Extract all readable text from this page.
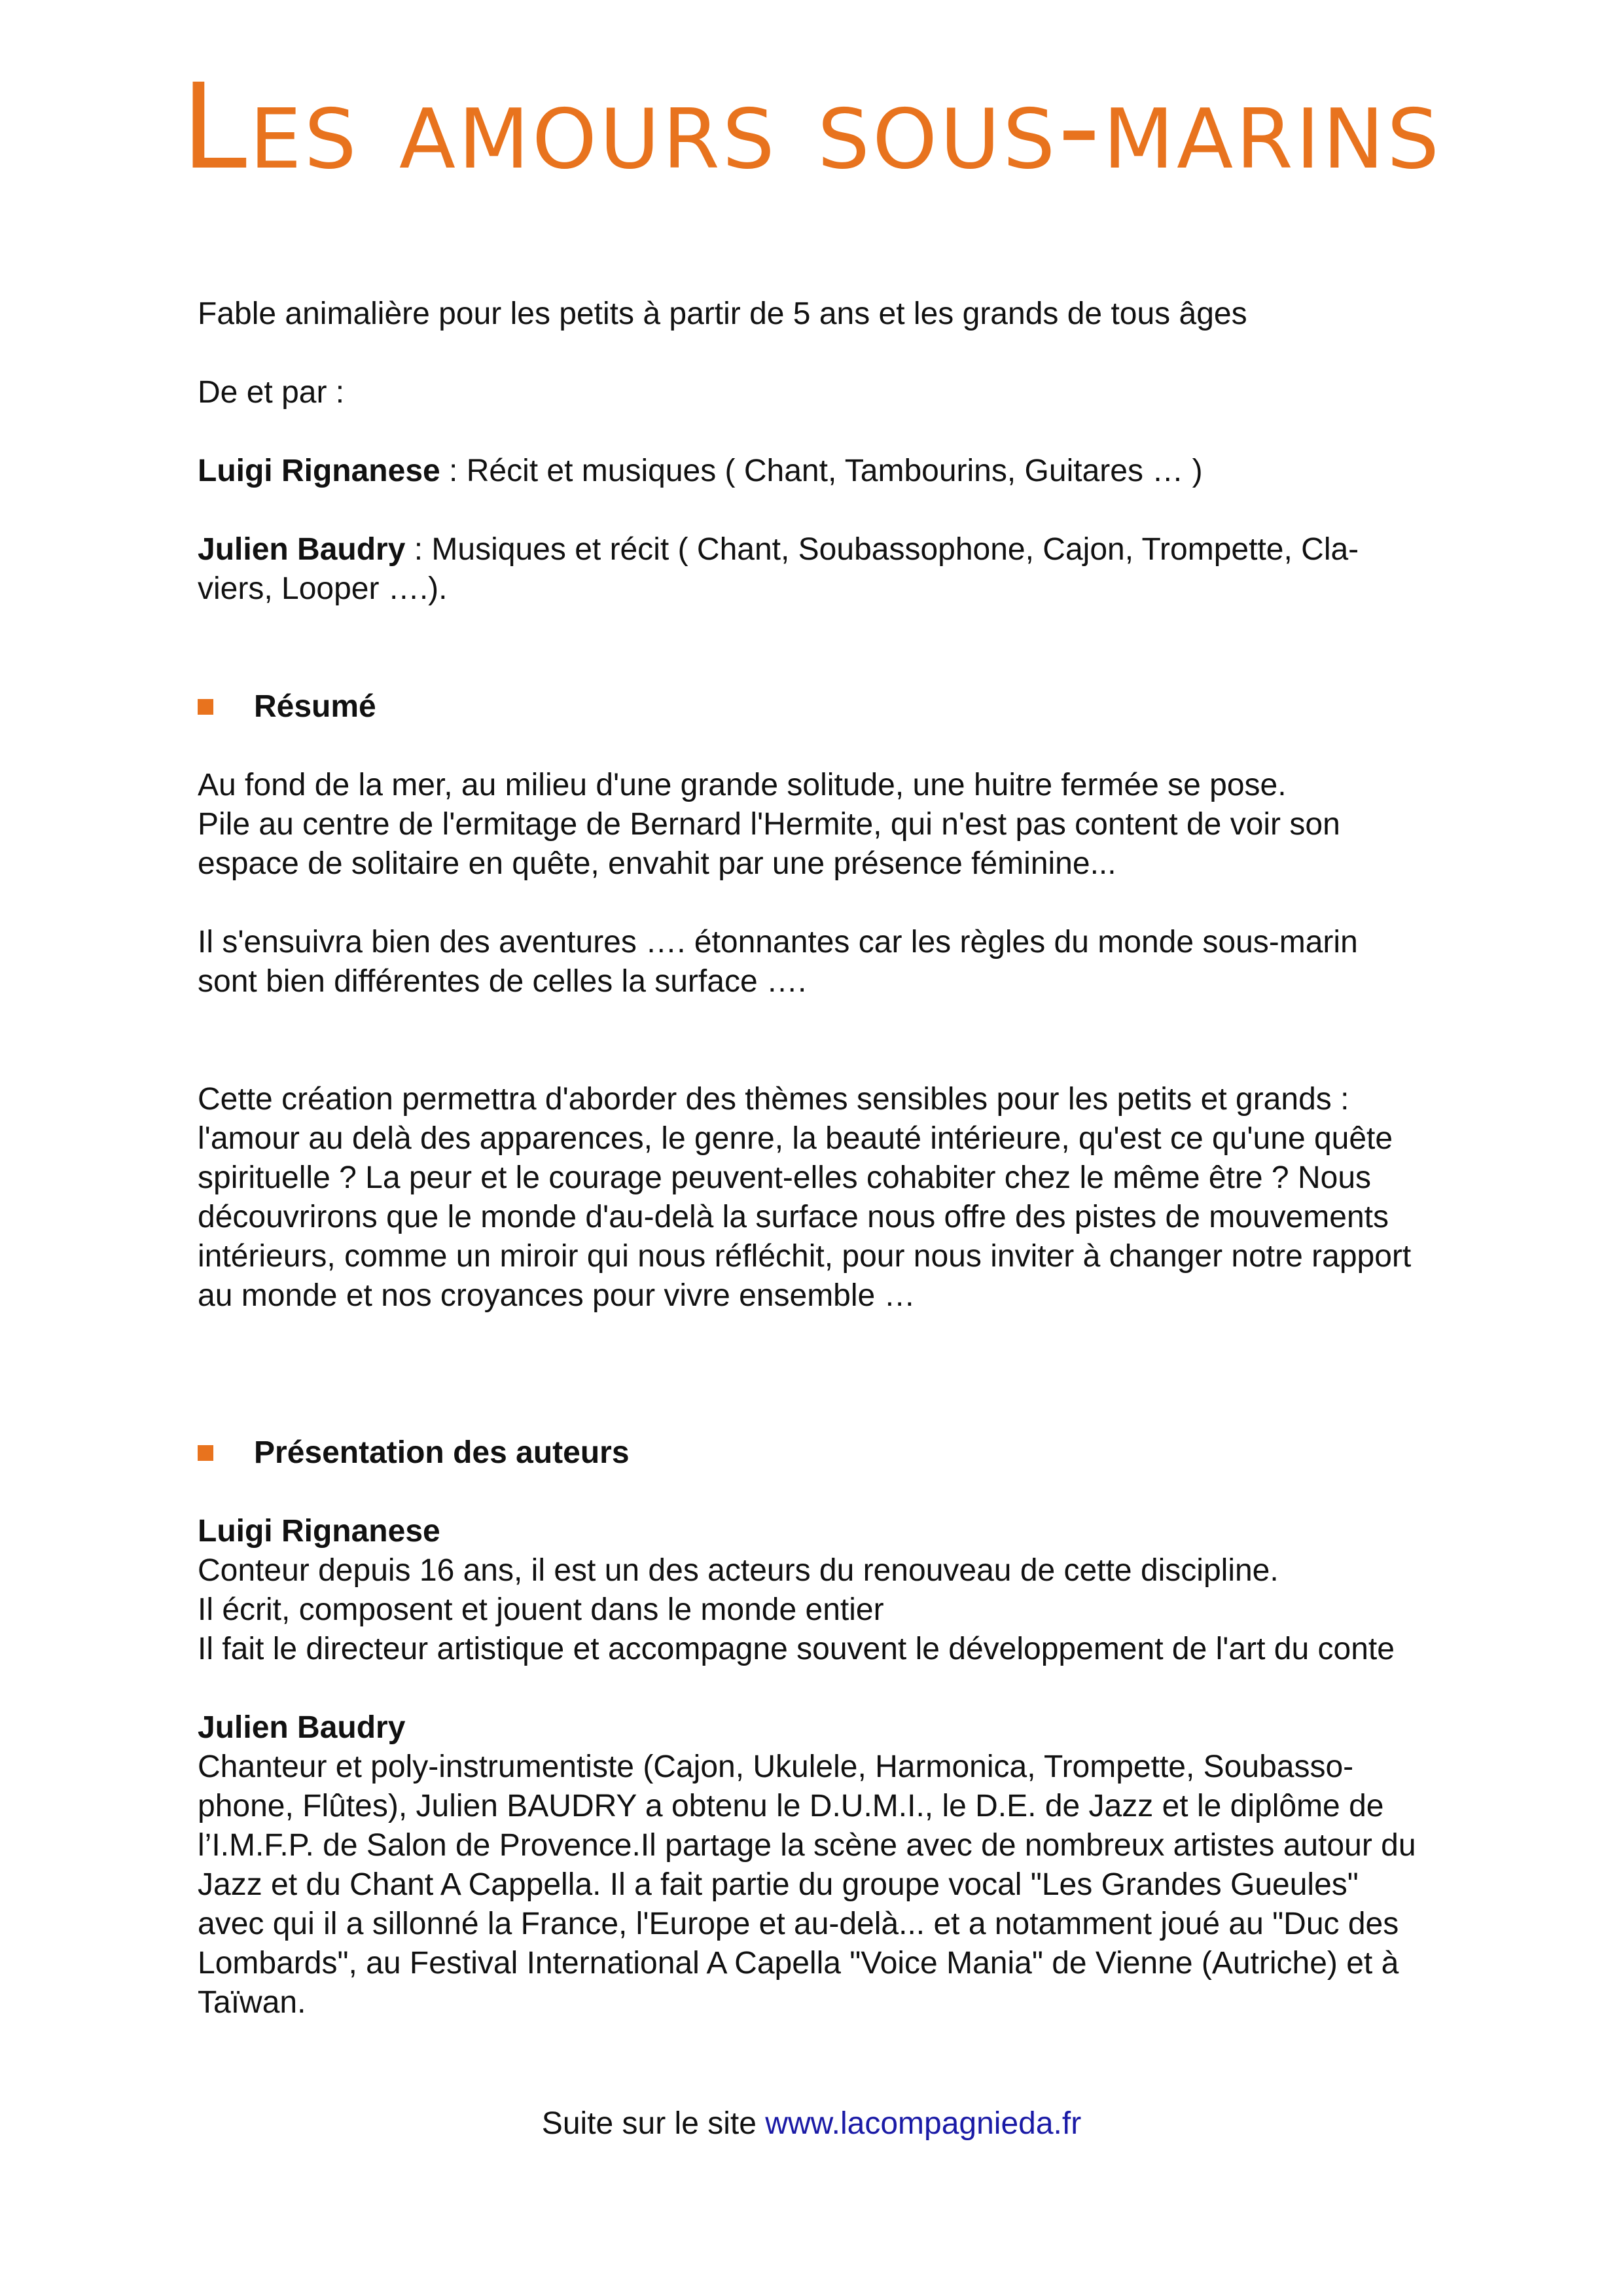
Les amours sous-marins

Fable animalière pour les petits à partir de 5 ans et les grands de tous âges

De et par :

Luigi Rignanese : Récit et musiques ( Chant, Tambourins, Guitares … )

Julien Baudry : Musiques et récit ( Chant, Soubassophone, Cajon, Trompette, Cla-
viers, Looper ….).

Résumé

Au fond de la mer, au milieu d'une grande solitude, une huitre fermée se pose.
Pile au centre de l'ermitage de Bernard l'Hermite, qui n'est pas content de voir son
espace de solitaire en quête, envahit par une présence féminine...

Il s'ensuivra bien des aventures …. étonnantes car les règles du monde sous-marin
sont bien différentes de celles la surface ….

Cette création permettra d'aborder des thèmes sensibles pour les petits et grands :
l'amour au delà des apparences, le genre, la beauté intérieure, qu'est ce qu'une quête
spirituelle ? La peur et le courage peuvent-elles cohabiter chez le même être ? Nous
découvrirons que le monde d'au-delà la surface nous offre des pistes de mouvements
intérieurs, comme un miroir qui nous réfléchit, pour nous inviter à changer notre rapport
au monde et nos croyances pour vivre ensemble …

Présentation des auteurs

Luigi Rignanese
Conteur depuis 16 ans, il est un des acteurs du renouveau de cette discipline.
Il écrit, composent et jouent dans le monde entier
Il fait le directeur artistique et accompagne souvent le développement de l'art du conte

Julien Baudry
Chanteur et poly-instrumentiste (Cajon, Ukulele, Harmonica, Trompette, Soubasso-
phone, Flûtes), Julien BAUDRY a obtenu le D.U.M.I., le D.E. de Jazz et le diplôme de
l’I.M.F.P. de Salon de Provence.Il partage la scène avec de nombreux artistes autour du
Jazz et du Chant A Cappella. Il a fait partie du groupe vocal "Les Grandes Gueules"
avec qui il a sillonné la France, l'Europe et au-delà... et a notamment joué au "Duc des
Lombards", au Festival International A Capella "Voice Mania" de Vienne (Autriche) et à
Taïwan.

Suite sur le site www.lacompagnieda.fr
